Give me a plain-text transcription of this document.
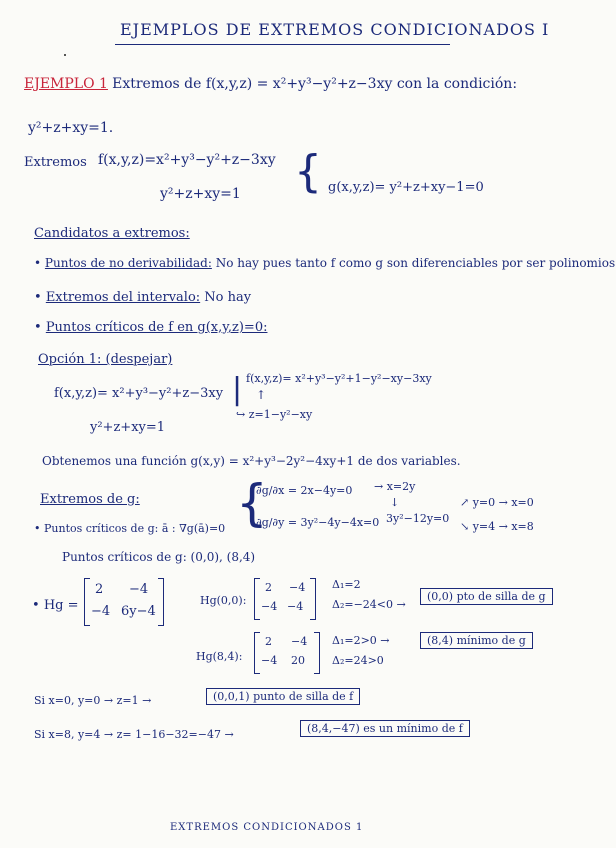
EJEMPLOS DE EXTREMOS CONDICIONADOS I
EJEMPLO 1 Extremos de f(x,y,z) = x²+y³−y²+z−3xy con la condición:
y²+z+xy=1.
Extremos f(x,y,z)=x²+y³−y²+z−3xy
y²+z+xy=1 { g(x,y,z)= y²+z+xy−1=0
Candidatos a extremos:
• Puntos de no derivabilidad: No hay pues tanto f como g son diferenciables por ser polinomios
• Extremos del intervalo: No hay
• Puntos críticos de f en g(x,y,z)=0:
Opción 1: (despejar)
f(x,y,z)= x²+y³−y²+z−3xy
y²+z+xy=1
| f(x,y,z)= x²+y³−y²+1−y²−xy−3xy
↑
↪ z=1−y²−xy
Obtenemos una función g(x,y) = x²+y³−2y²−4xy+1 de dos variables.
Extremos de g:
• Puntos críticos de g: ā : ∇g(ā)=0 {
∂g/∂x = 2x−4y=0
∂g/∂y = 3y²−4y−4x=0
→ x=2y
↓
3y²−12y=0
↗ y=0 → x=0
↘ y=4 → x=8
Puntos críticos de g: (0,0), (8,4)
• Hg =
2 −4
−4 6y−4
Hg(0,0):
2 −4
−4 −4
Δ₁=2
Δ₂=−24<0 →
(0,0) pto de silla de g
Hg(8,4):
2 −4
−4 20
Δ₁=2>0 →
Δ₂=24>0
(8,4) mínimo de g
Si x=0, y=0 → z=1 →	(0,0,1) punto de silla de f
Si x=8, y=4 → z= 1−16−32=−47 →	(8,4,−47) es un mínimo de f
EXTREMOS CONDICIONADOS 1
